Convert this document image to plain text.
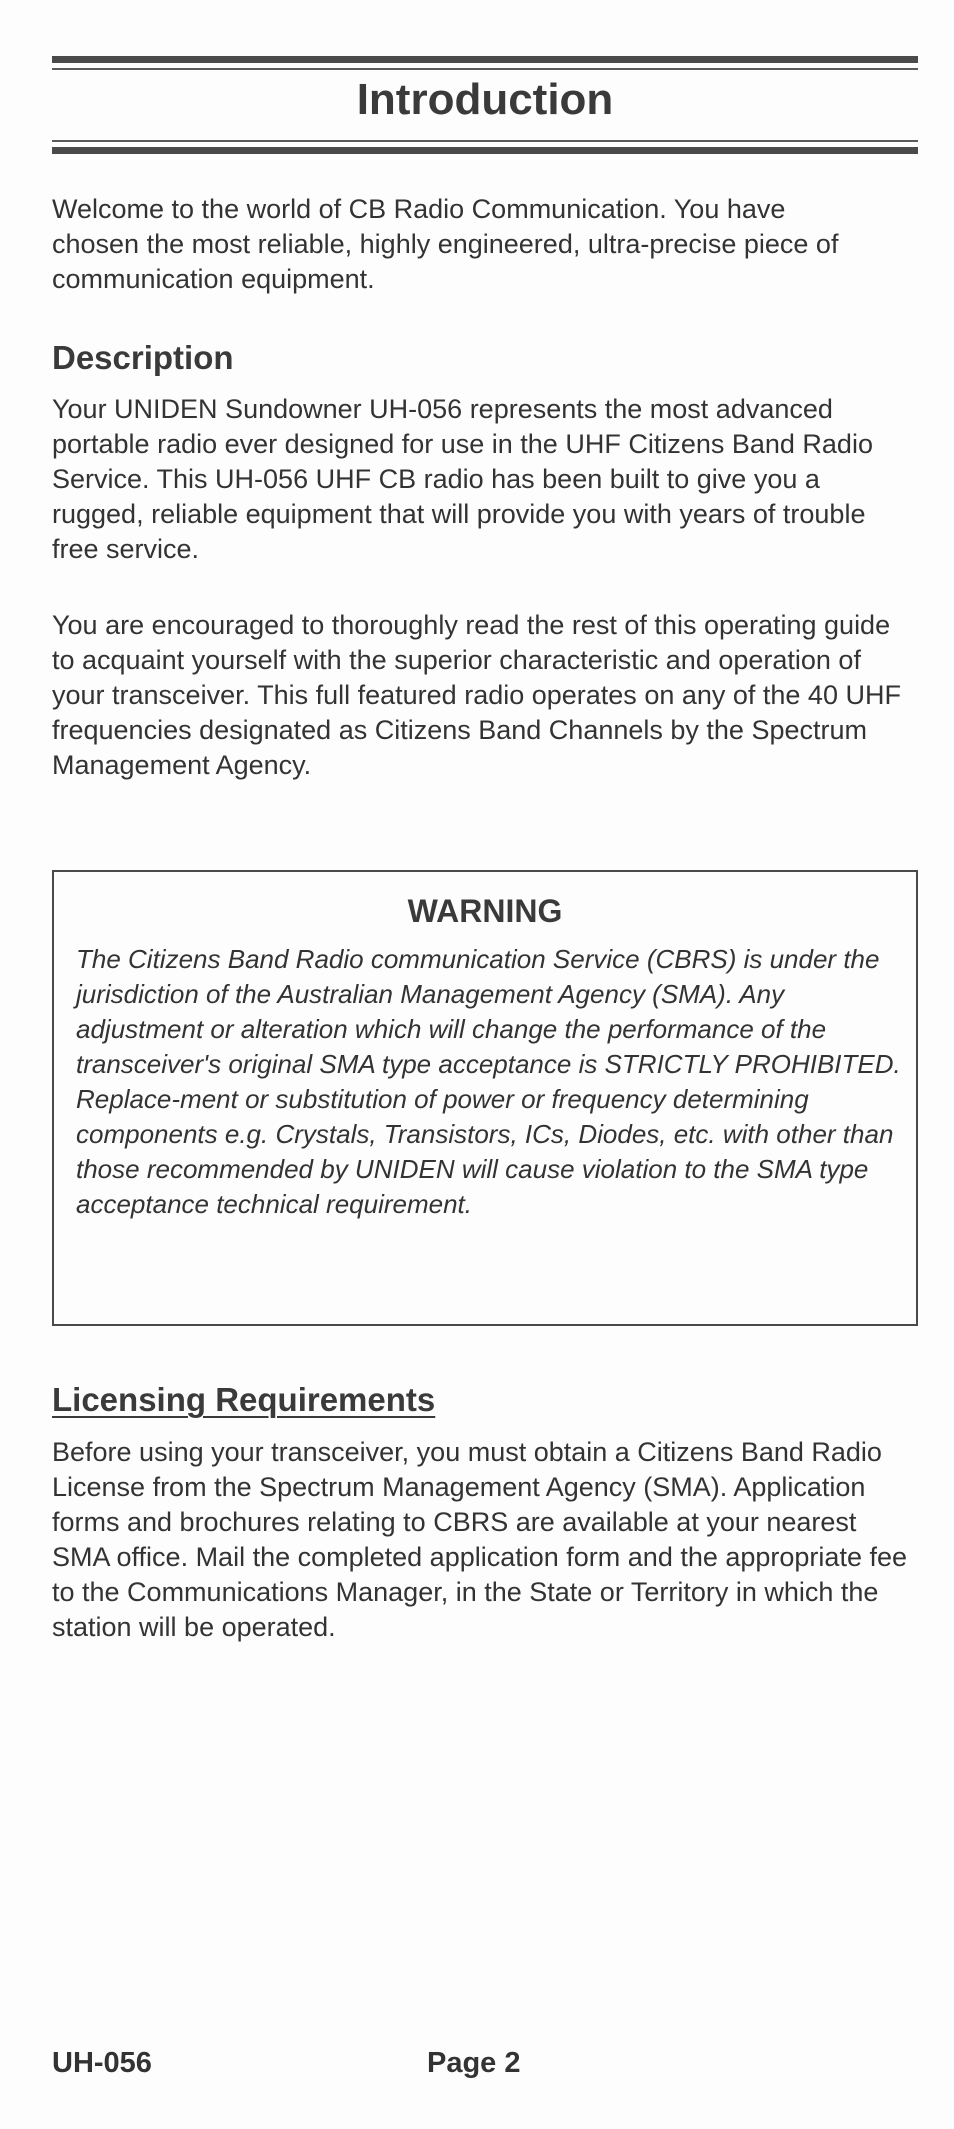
Introduction

Welcome to the world of CB Radio Communication. You have chosen the most reliable, highly engineered, ultra-precise piece of communication equipment.

Description

Your UNIDEN Sundowner UH-056 represents the most advanced portable radio ever designed for use in the UHF Citizens Band Radio Service. This UH-056 UHF CB radio has been built to give you a rugged, reliable equipment that will provide you with years of trouble free service.

You are encouraged to thoroughly read the rest of this operating guide to acquaint yourself with the superior characteristic and operation of your transceiver. This full featured radio operates on any of the 40 UHF frequencies designated as Citizens Band Channels by the Spectrum Management Agency.

WARNING

The Citizens Band Radio communication Service (CBRS) is under the jurisdiction of the Australian Management Agency (SMA). Any adjustment or alteration which will change the performance of the transceiver's original SMA type acceptance is STRICTLY PROHIBITED. Replace-ment or substitution of power or frequency determining components e.g. Crystals, Transistors, ICs, Diodes, etc. with other than those recommended by UNIDEN will cause violation to the SMA type acceptance technical requirement.

Licensing Requirements

Before using your transceiver, you must obtain a Citizens Band Radio License from the Spectrum Management Agency (SMA). Application forms and brochures relating to CBRS are available at your nearest SMA office. Mail the completed application form and the appropriate fee to the Communications Manager, in the State or Territory in which the station will be operated.

UH-056	Page 2
